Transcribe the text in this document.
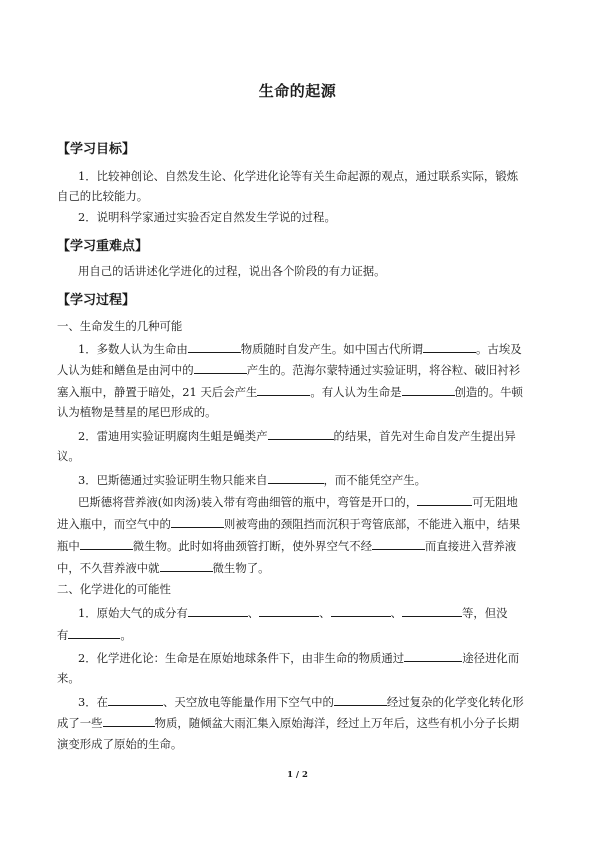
生命的起源
【学习目标】
1．比较神创论、自然发生论、化学进化论等有关生命起源的观点，通过联系实际，锻炼
自己的比较能力。
2．说明科学家通过实验否定自然发生学说的过程。
【学习重难点】
用自己的话讲述化学进化的过程，说出各个阶段的有力证据。
【学习过程】
一、生命发生的几种可能
1．多数人认为生命由	物质随时自发产生。如中国古代所谓	。古埃及
人认为蛙和鳝鱼是由河中的	产生的。范海尔蒙特通过实验证明，将谷粒、破旧衬衫
塞入瓶中，静置于暗处，21 天后会产生	。有人认为生命是	创造的。牛顿
认为植物是彗星的尾巴形成的。
2．雷迪用实验证明腐肉生蛆是蝇类产	的结果，首先对生命自发产生提出异
议。
3．巴斯德通过实验证明生物只能来自	，而不能凭空产生。
巴斯德将营养液(如肉汤)装入带有弯曲细管的瓶中，弯管是开口的，	可无阻地
进入瓶中，而空气中的	则被弯曲的颈阻挡而沉积于弯管底部，不能进入瓶中，结果
瓶中	微生物。此时如将曲颈管打断，使外界空气不经	而直接进入营养液
中，不久营养液中就	微生物了。
二、化学进化的可能性
1．原始大气的成分有	、	、	、	等，但没
有	。
2．化学进化论：生命是在原始地球条件下，由非生命的物质通过	途径进化而
来。
3．在	、天空放电等能量作用下空气中的	经过复杂的化学变化转化形
成了一些	物质，随倾盆大雨汇集入原始海洋，经过上万年后，这些有机小分子长期
演变形成了原始的生命。
1 / 2
